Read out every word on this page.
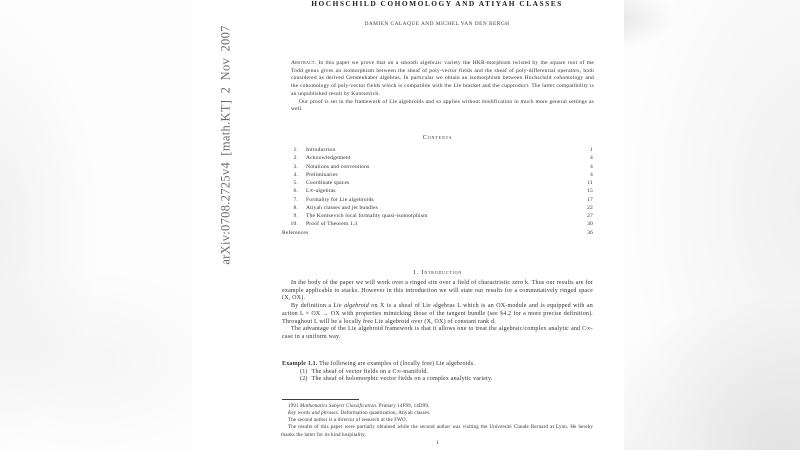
arXiv:0708.2725v4 [math.KT] 2 Nov 2007
HOCHSCHILD COHOMOLOGY AND ATIYAH CLASSES
DAMIEN CALAQUE AND MICHEL VAN DEN BERGH

Abstract. In this paper we prove that on a smooth algebraic variety the HKR-morphism twisted by the square root of the Todd genus gives an isomorphism between the sheaf of poly-vector fields and the sheaf of poly-differential operators, both considered as derived Gerstenhaber algebras. In particular we obtain an isomorphism between Hochschild cohomology and the cohomology of poly-vector fields which is compatible with the Lie bracket and the cupproduct. The latter compatibility is an unpublished result by Kontsevich.

Our proof is set in the framework of Lie algebroids and so applies without modification in much more general settings as well.

Contents
1.	Introduction	1
2.	Acknowledgement	4
3.	Notations and conventions	4
4.	Preliminaries	4
5.	Coordinate spaces	11
6.	L∞-algebras	15
7.	Formality for Lie algebroids	17
8.	Atiyah classes and jet bundles	22
9.	The Kontsevich local formality quasi-isomorphism	27
10.	Proof of Theorem 1.3	30
References	36
1. Introduction

In the body of the paper we will work over a ringed site over a field of charactristic zero k. Thus our results are for example applicable to stacks. However in this introduction we will state our results for a commutatively ringed space (X, OX).

By definition a Lie algebroid on X is a sheaf of Lie algebras L which is an OX-module and is equipped with an action L × OX → OX with properties mimicking those of the tangent bundle (see §4.2 for a more precise definition). Throughout L will be a locally free Lie algebroid over (X, OX) of constant rank d.

The advantage of the Lie algebroid framework is that it allows one to treat the algebraic/complex analytic and C∞-case in a uniform way.

Example 1.1. The following are examples of (locally free) Lie algebroids.

(1) The sheaf of vector fields on a C∞-manifold.
(2) The sheaf of holomorphic vector fields on a complex analytic variety.

1991 Mathematics Subject Classification. Primary 14F99, 14D99.

Key words and phrases. Deformation quantization, Atiyah classes.

The second author is a director of research at the FWO.

The results of this paper were partially obtained while the second author was visiting the Université Claude Bernard at Lyon. He hereby thanks the latter for its kind hospitality.

1
